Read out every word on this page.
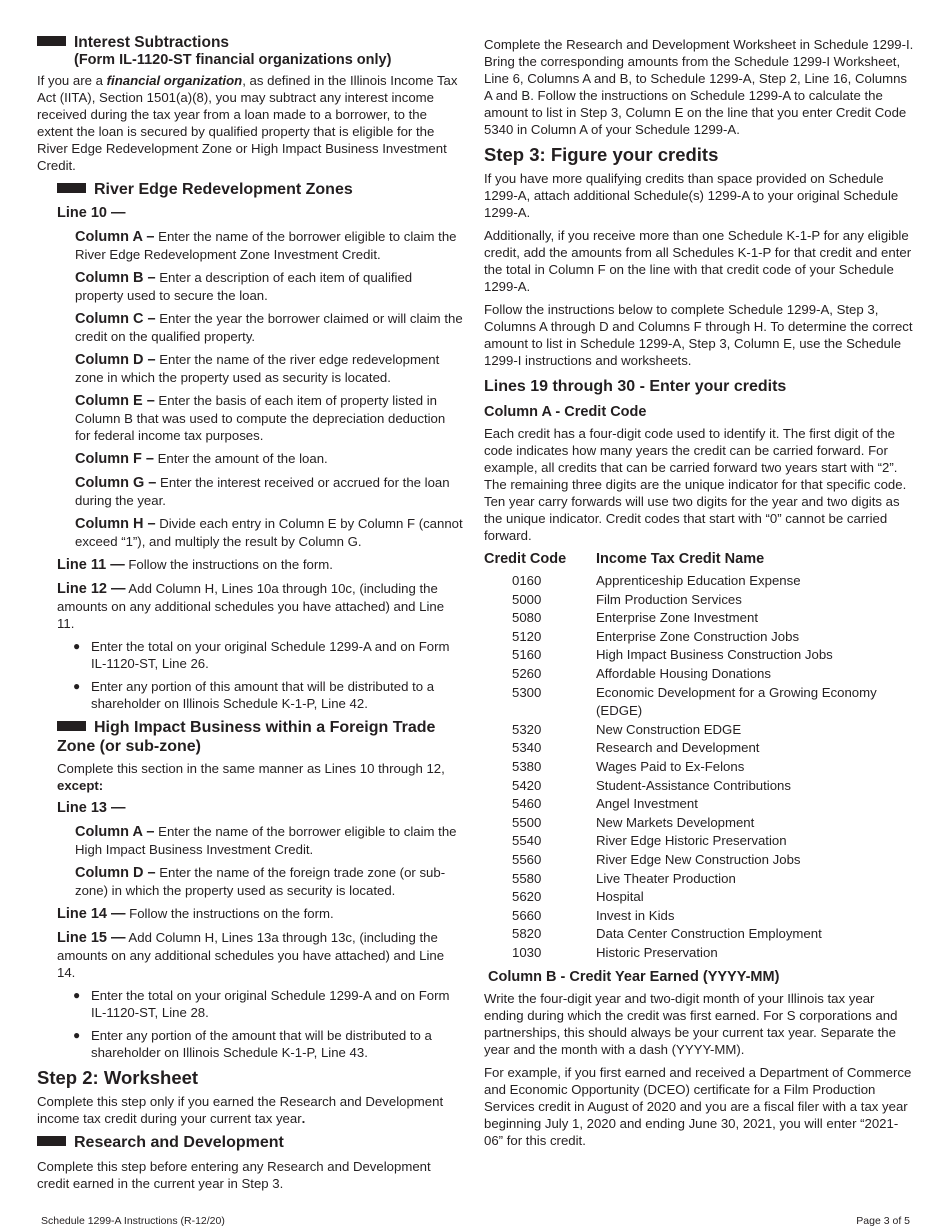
Interest Subtractions
(Form IL-1120-ST financial organizations only)

If you are a financial organization, as defined in the Illinois Income Tax Act (IITA), Section 1501(a)(8), you may subtract any interest income received during the tax year from a loan made to a borrower, to the extent the loan is secured by qualified property that is eligible for the River Edge Redevelopment Zone or High Impact Business Investment Credit.

River Edge Redevelopment Zones

Line 10 —

Column A – Enter the name of the borrower eligible to claim the River Edge Redevelopment Zone Investment Credit.

Column B – Enter a description of each item of qualified property used to secure the loan.

Column C – Enter the year the borrower claimed or will claim the credit on the qualified property.

Column D – Enter the name of the river edge redevelopment zone in which the property used as security is located.

Column E – Enter the basis of each item of property listed in Column B that was used to compute the depreciation deduction for federal income tax purposes.

Column F – Enter the amount of the loan.

Column G – Enter the interest received or accrued for the loan during the year.

Column H – Divide each entry in Column E by Column F (cannot exceed “1”), and multiply the result by Column G.

Line 11 — Follow the instructions on the form.

Line 12 — Add Column H, Lines 10a through 10c, (including the amounts on any additional schedules you have attached) and Line 11.

● Enter the total on your original Schedule 1299-A and on Form IL-1120-ST, Line 26.
● Enter any portion of this amount that will be distributed to a shareholder on Illinois Schedule K-1-P, Line 42.
High Impact Business within a Foreign Trade
Zone (or sub-zone)

Complete this section in the same manner as Lines 10 through 12, except:

Line 13 —

Column A – Enter the name of the borrower eligible to claim the High Impact Business Investment Credit.

Column D – Enter the name of the foreign trade zone (or sub-zone) in which the property used as security is located.

Line 14 — Follow the instructions on the form.

Line 15 — Add Column H, Lines 13a through 13c, (including the amounts on any additional schedules you have attached) and Line 14.

● Enter the total on your original Schedule 1299-A and on Form IL-1120-ST, Line 28.
● Enter any portion of the amount that will be distributed to a shareholder on Illinois Schedule K-1-P, Line 43.
Step 2: Worksheet

Complete this step only if you earned the Research and Development income tax credit during your current tax year.

Research and Development

Complete this step before entering any Research and Development credit earned in the current year in Step 3.

Complete the Research and Development Worksheet in Schedule 1299-I. Bring the corresponding amounts from the Schedule 1299-I Worksheet, Line 6, Columns A and B, to Schedule 1299-A, Step 2, Line 16, Columns A and B. Follow the instructions on Schedule 1299-A to calculate the amount to list in Step 3, Column E on the line that you enter Credit Code 5340 in Column A of your Schedule 1299-A.

Step 3: Figure your credits

If you have more qualifying credits than space provided on Schedule 1299-A, attach additional Schedule(s) 1299-A to your original Schedule 1299-A.

Additionally, if you receive more than one Schedule K-1-P for any eligible credit, add the amounts from all Schedules K-1-P for that credit and enter the total in Column F on the line with that credit code of your Schedule 1299-A.

Follow the instructions below to complete Schedule 1299-A, Step 3, Columns A through D and Columns F through H. To determine the correct amount to list in Schedule 1299-A, Step 3, Column E, use the Schedule 1299-I instructions and worksheets.

Lines 19 through 30 - Enter your credits
Column A - Credit Code

Each credit has a four-digit code used to identify it. The first digit of the code indicates how many years the credit can be carried forward. For example, all credits that can be carried forward two years start with “2”. The remaining three digits are the unique indicator for that specific code. Ten year carry forwards will use two digits for the year and two digits as the unique indicator. Credit codes that start with “0” cannot be carried forward.

Credit Code	Income Tax Credit Name
0160	Apprenticeship Education Expense
5000	Film Production Services
5080	Enterprise Zone Investment
5120	Enterprise Zone Construction Jobs
5160	High Impact Business Construction Jobs
5260	Affordable Housing Donations
5300	Economic Development for a Growing Economy (EDGE)
5320	New Construction EDGE
5340	Research and Development
5380	Wages Paid to Ex-Felons
5420	Student-Assistance Contributions
5460	Angel Investment
5500	New Markets Development
5540	River Edge Historic Preservation
5560	River Edge New Construction Jobs
5580	Live Theater Production
5620	Hospital
5660	Invest in Kids
5820	Data Center Construction Employment
1030	Historic Preservation
Column B - Credit Year Earned (YYYY-MM)

Write the four-digit year and two-digit month of your Illinois tax year ending during which the credit was first earned. For S corporations and partnerships, this should always be your current tax year. Separate the year and the month with a dash (YYYY-MM).

For example, if you first earned and received a Department of Commerce and Economic Opportunity (DCEO) certificate for a Film Production Services credit in August of 2020 and you are a fiscal filer with a tax year beginning July 1, 2020 and ending June 30, 2021, you will enter “2021-06” for this credit.

Schedule 1299-A Instructions (R-12/20)	Page 3 of 5
